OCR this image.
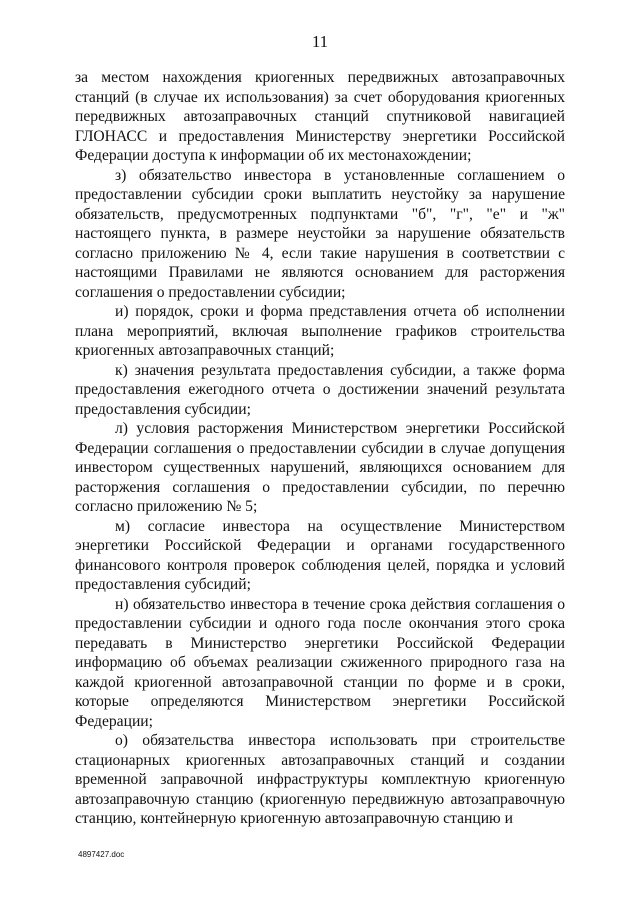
11

за местом нахождения криогенных передвижных автозаправочных станций (в случае их использования) за счет оборудования криогенных передвижных автозаправочных станций спутниковой навигацией ГЛОНАСС и предоставления Министерству энергетики Российской Федерации доступа к информации об их местонахождении;

з) обязательство инвестора в установленные соглашением о предоставлении субсидии сроки выплатить неустойку за нарушение обязательств, предусмотренных подпунктами "б", "г", "е" и "ж" настоящего пункта, в размере неустойки за нарушение обязательств согласно приложению № 4, если такие нарушения в соответствии с настоящими Правилами не являются основанием для расторжения соглашения о предоставлении субсидии;

и) порядок, сроки и форма представления отчета об исполнении плана мероприятий, включая выполнение графиков строительства криогенных автозаправочных станций;

к) значения результата предоставления субсидии, а также форма предоставления ежегодного отчета о достижении значений результата предоставления субсидии;

л) условия расторжения Министерством энергетики Российской Федерации соглашения о предоставлении субсидии в случае допущения инвестором существенных нарушений, являющихся основанием для расторжения соглашения о предоставлении субсидии, по перечню согласно приложению № 5;

м) согласие инвестора на осуществление Министерством энергетики Российской Федерации и органами государственного финансового контроля проверок соблюдения целей, порядка и условий предоставления субсидий;

н) обязательство инвестора в течение срока действия соглашения о предоставлении субсидии и одного года после окончания этого срока передавать в Министерство энергетики Российской Федерации информацию об объемах реализации сжиженного природного газа на каждой криогенной автозаправочной станции по форме и в сроки, которые определяются Министерством энергетики Российской Федерации;

о) обязательства инвестора использовать при строительстве стационарных криогенных автозаправочных станций и создании временной заправочной инфраструктуры комплектную криогенную автозаправочную станцию (криогенную передвижную автозаправочную станцию, контейнерную криогенную автозаправочную станцию и

4897427.doc
